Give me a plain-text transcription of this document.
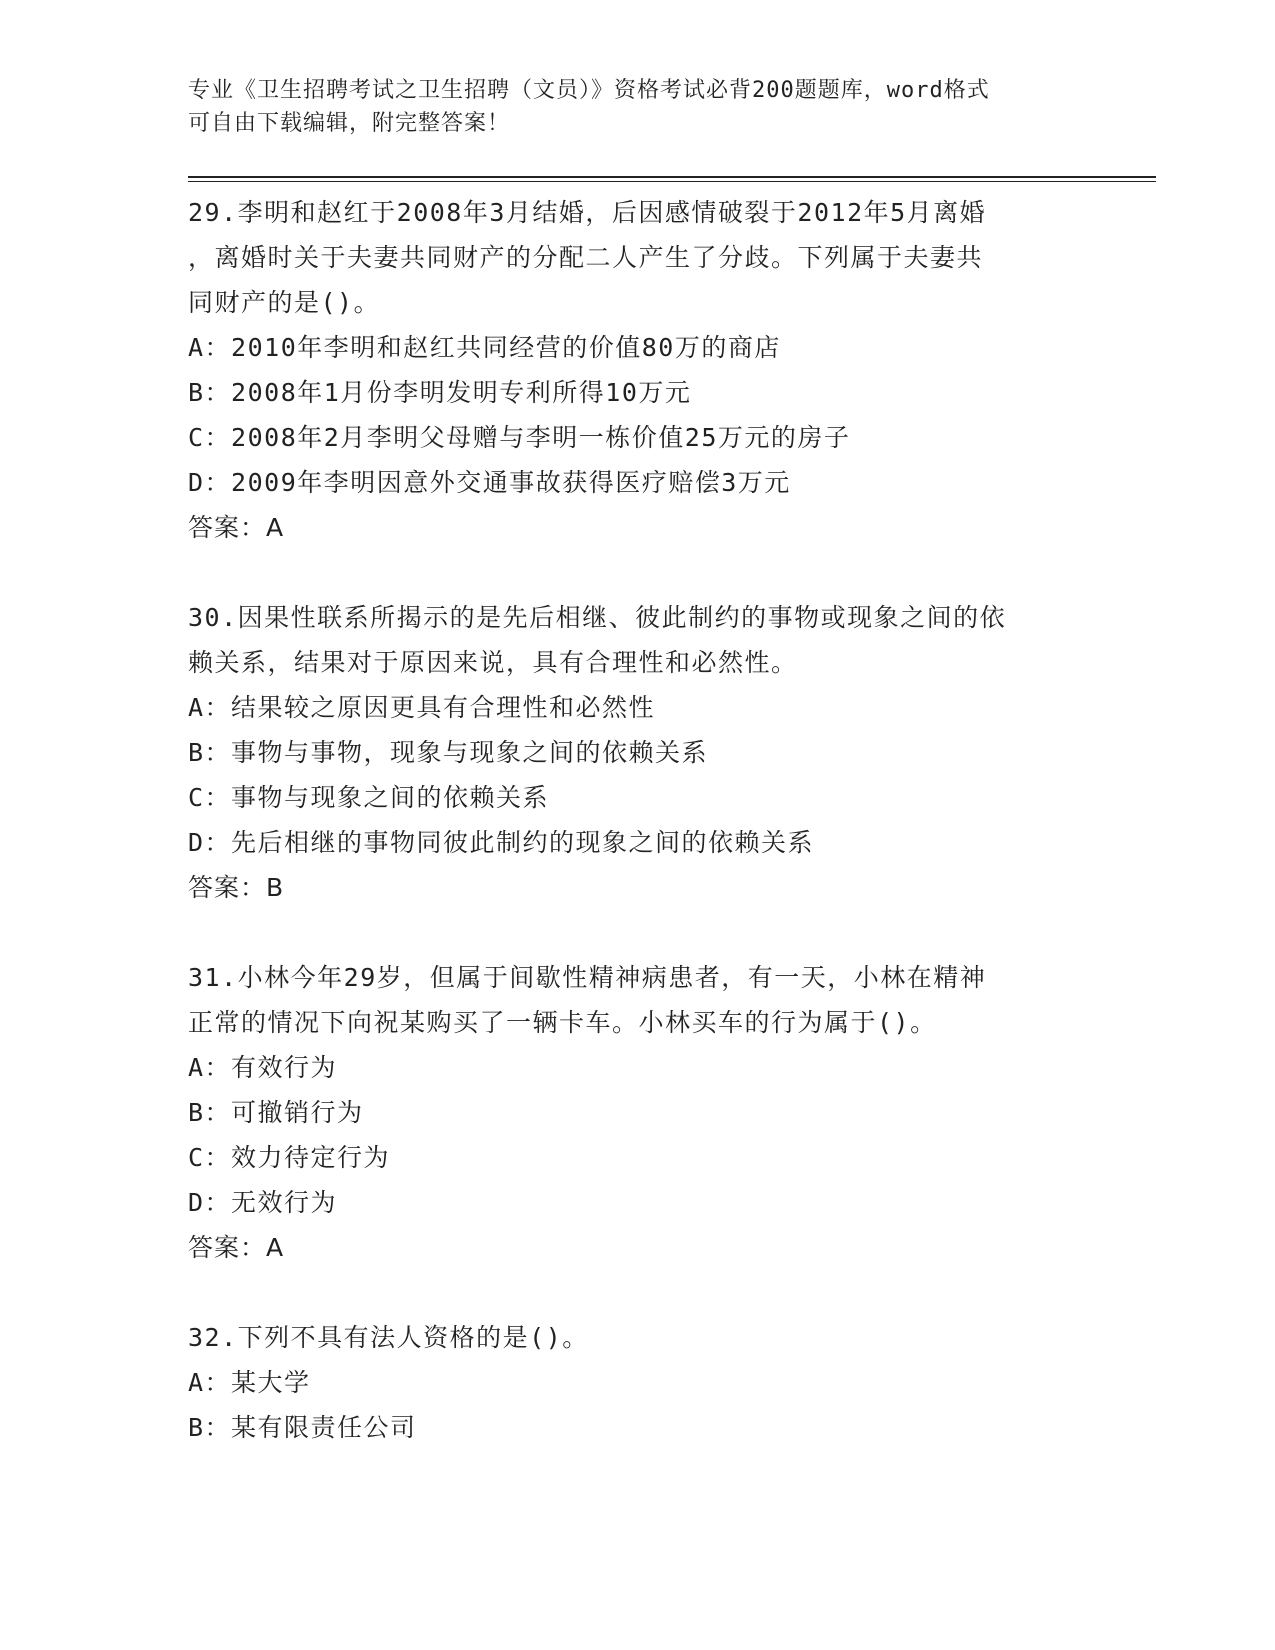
专业《卫生招聘考试之卫生招聘（文员）》资格考试必背200题题库，word格式
可自由下载编辑，附完整答案！
29.李明和赵红于2008年3月结婚，后因感情破裂于2012年5月离婚
，离婚时关于夫妻共同财产的分配二人产生了分歧。下列属于夫妻共
同财产的是()。
A：2010年李明和赵红共同经营的价值80万的商店
B：2008年1月份李明发明专利所得10万元
C：2008年2月李明父母赠与李明一栋价值25万元的房子
D：2009年李明因意外交通事故获得医疗赔偿3万元
答案：A
30.因果性联系所揭示的是先后相继、彼此制约的事物或现象之间的依
赖关系，结果对于原因来说，具有合理性和必然性。
A：结果较之原因更具有合理性和必然性
B：事物与事物，现象与现象之间的依赖关系
C：事物与现象之间的依赖关系
D：先后相继的事物同彼此制约的现象之间的依赖关系
答案：B
31.小林今年29岁，但属于间歇性精神病患者，有一天，小林在精神
正常的情况下向祝某购买了一辆卡车。小林买车的行为属于()。
A：有效行为
B：可撤销行为
C：效力待定行为
D：无效行为
答案：A
32.下列不具有法人资格的是()。
A：某大学
B：某有限责任公司
